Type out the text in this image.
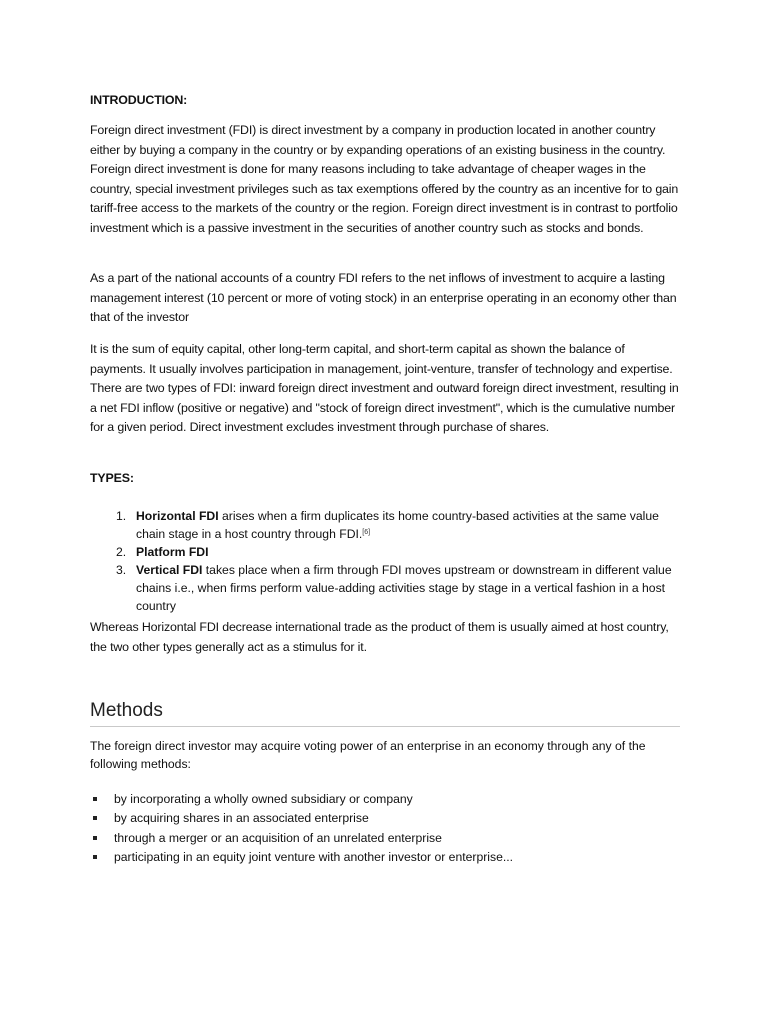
INTRODUCTION:

Foreign direct investment (FDI) is direct investment by a company in production located in another country either by buying a company in the country or by expanding operations of an existing business in the country. Foreign direct investment is done for many reasons including to take advantage of cheaper wages in the country, special investment privileges such as tax exemptions offered by the country as an incentive for to gain tariff-free access to the markets of the country or the region. Foreign direct investment is in contrast to portfolio investment which is a passive investment in the securities of another country such as stocks and bonds.

As a part of the national accounts of a country FDI refers to the net inflows of investment to acquire a lasting management interest (10 percent or more of voting stock) in an enterprise operating in an economy other than that of the investor

It is the sum of equity capital, other long-term capital, and short-term capital as shown the balance of payments. It usually involves participation in management, joint-venture, transfer of technology and expertise. There are two types of FDI: inward foreign direct investment and outward foreign direct investment, resulting in a net FDI inflow (positive or negative) and "stock of foreign direct investment", which is the cumulative number for a given period. Direct investment excludes investment through purchase of shares.

TYPES:

1. Horizontal FDI arises when a firm duplicates its home country-based activities at the same value chain stage in a host country through FDI.[6]
2. Platform FDI
3. Vertical FDI takes place when a firm through FDI moves upstream or downstream in different value chains i.e., when firms perform value-adding activities stage by stage in a vertical fashion in a host country

Whereas Horizontal FDI decrease international trade as the product of them is usually aimed at host country, the two other types generally act as a stimulus for it.

Methods

The foreign direct investor may acquire voting power of an enterprise in an economy through any of the following methods:

by incorporating a wholly owned subsidiary or company
by acquiring shares in an associated enterprise
through a merger or an acquisition of an unrelated enterprise
participating in an equity joint venture with another investor or enterprise...
